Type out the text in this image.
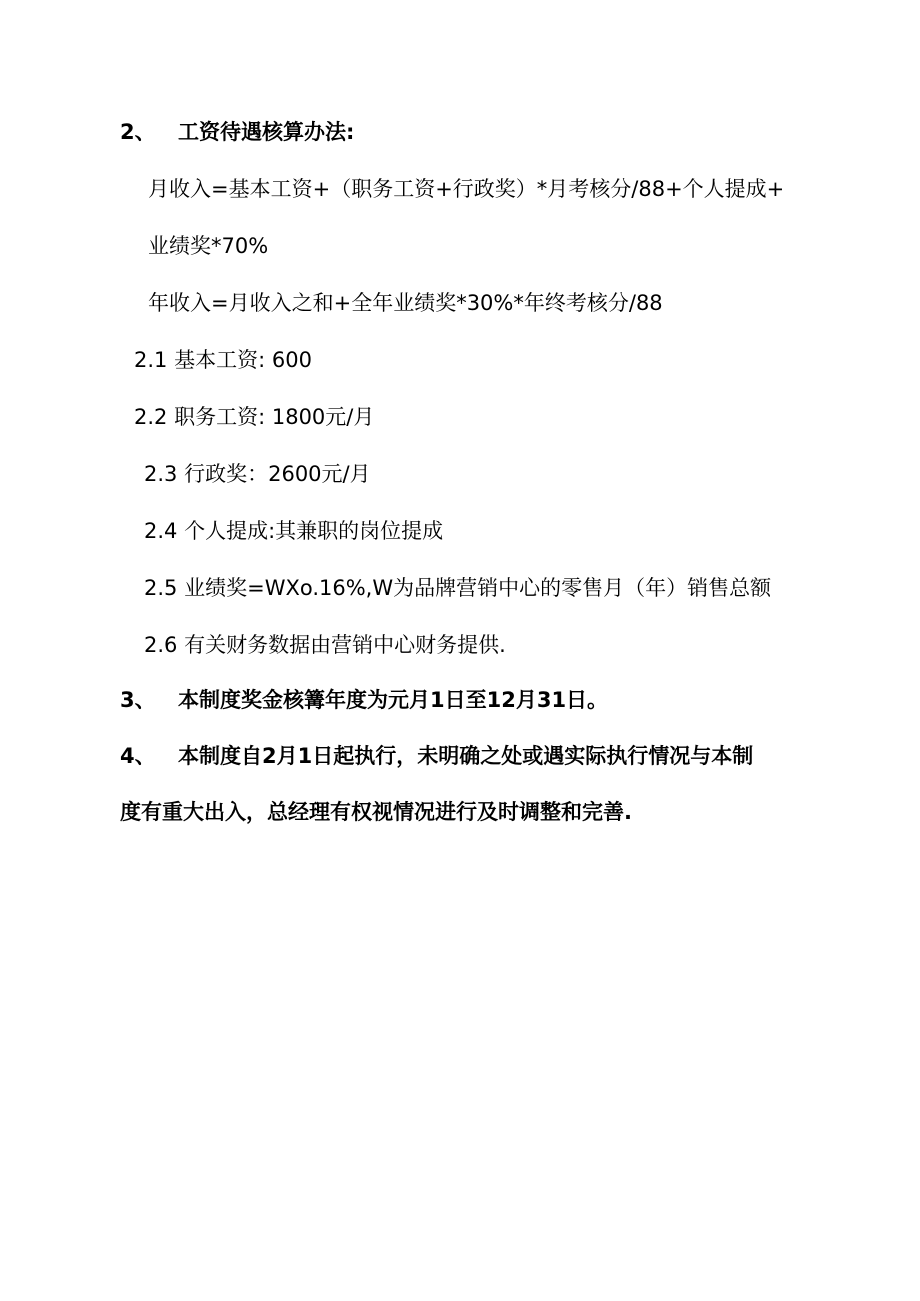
2、 工资待遇核算办法:
月收入=基本工资+（职务工资+行政奖）*月考核分/88+个人提成+
业绩奖*70%
年收入=月收入之和+全年业绩奖*30%*年终考核分/88
2.1 基本工资: 600
2.2 职务工资: 1800元/月
2.3 行政奖：2600元/月
2.4 个人提成:其兼职的岗位提成
2.5 业绩奖=WXo.16%,W为品牌营销中心的零售月（年）销售总额
2.6 有关财务数据由营销中心财务提供.
3、 本制度奖金核篝年度为元月1日至12月31日。
4、 本制度自2月1日起执行，未明确之处或遇实际执行情况与本制
度有重大出入，总经理有权视情况进行及时调整和完善.
